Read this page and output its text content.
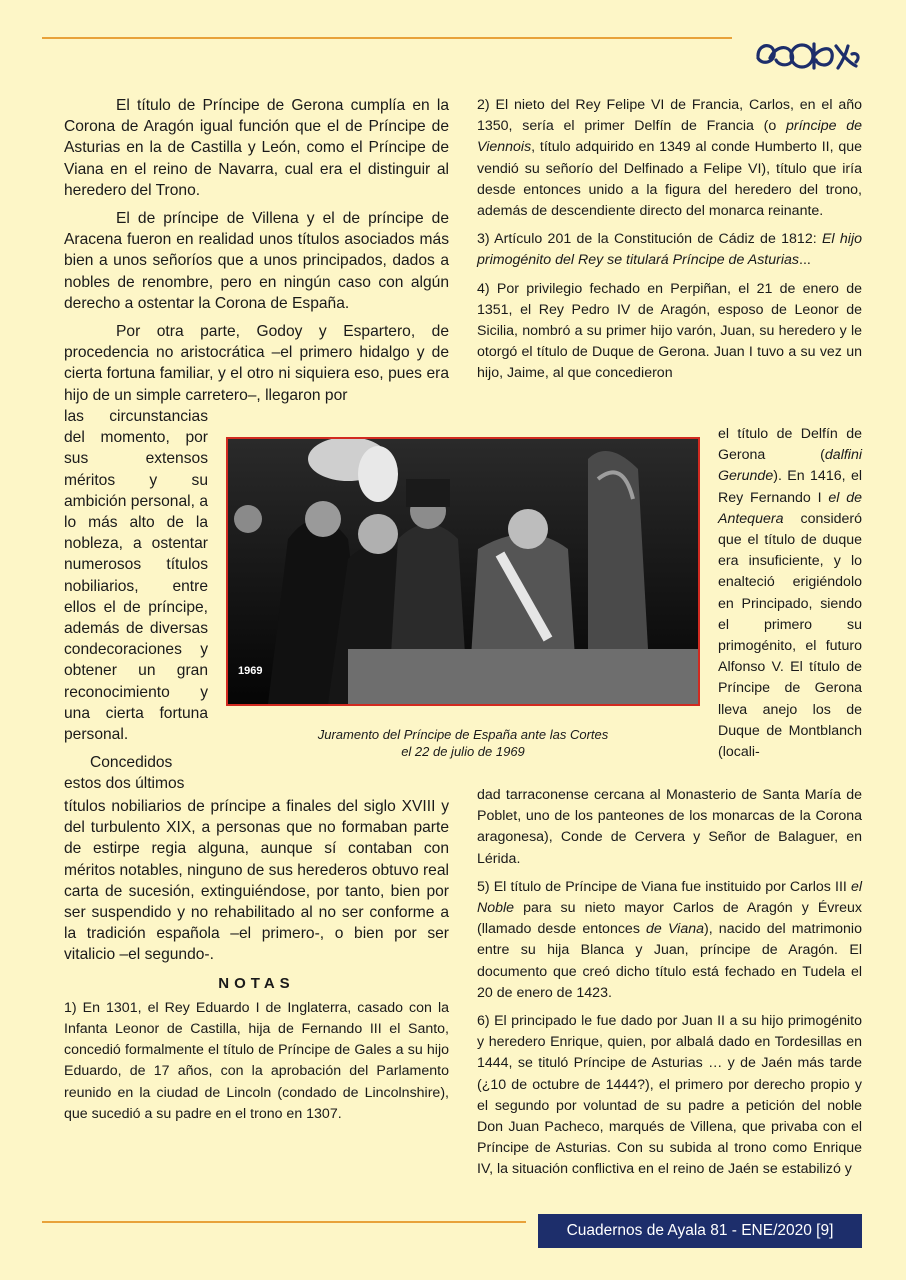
El título de Príncipe de Gerona cumplía en la Corona de Aragón igual función que el de Príncipe de Asturias en la de Castilla y León, como el Príncipe de Viana en el reino de Navarra, cual era el distinguir al heredero del Trono.

El de príncipe de Villena y el de príncipe de Aracena fueron en realidad unos títulos asociados más bien a unos señoríos que a unos principados, dados a nobles de renombre, pero en ningún caso con algún derecho a ostentar la Corona de España.

Por otra parte, Godoy y Espartero, de procedencia no aristocrática –el primero hidalgo y de cierta fortuna familiar, y el otro ni siquiera eso, pues era hijo de un simple carretero–, llegaron por

las circunstancias del momento, por sus extensos méritos y su ambición personal, a lo más alto de la nobleza, a ostentar numerosos títulos nobiliarios, entre ellos el de príncipe, además de diversas condecoraciones y obtener un gran reconocimiento y una cierta fortuna personal.

Concedidos estos dos últimos

títulos nobiliarios de príncipe a finales del siglo XVIII y del turbulento XIX, a personas que no formaban parte de estirpe regia alguna, aunque sí contaban con méritos notables, ninguno de sus herederos obtuvo real carta de sucesión, extinguiéndose, por tanto, bien por ser suspendido y no rehabilitado al no ser conforme a la tradición española –el primero-, o bien por ser vitalicio –el segundo-.

NOTAS

1) En 1301, el Rey Eduardo I de Inglaterra, casado con la Infanta Leonor de Castilla, hija de Fernando III el Santo, concedió formalmente el título de Príncipe de Gales a su hijo Eduardo, de 17 años, con la aprobación del Parlamento reunido en la ciudad de Lincoln (condado de Lincolnshire), que sucedió a su padre en el trono en 1307.

2) El nieto del Rey Felipe VI de Francia, Carlos, en el año 1350, sería el primer Delfín de Francia (o príncipe de Viennois, título adquirido en 1349 al conde Humberto II, que vendió su señorío del Delfinado a Felipe VI), título que iría desde entonces unido a la figura del heredero del trono, además de descendiente directo del monarca reinante.

3) Artículo 201 de la Constitución de Cádiz de 1812: El hijo primogénito del Rey se titulará Príncipe de Asturias...

4) Por privilegio fechado en Perpiñan, el 21 de enero de 1351, el Rey Pedro IV de Aragón, esposo de Leonor de Sicilia, nombró a su primer hijo varón, Juan, su heredero y le otorgó el título de Duque de Gerona. Juan I tuvo a su vez un hijo, Jaime, al que concedieron

el título de Delfín de Gerona (dalfini Gerunde). En 1416, el Rey Fernando I el de Antequera consideró que el título de duque era insuficiente, y lo enalteció erigiéndolo en Principado, siendo el primero su primogénito, el futuro Alfonso V. El título de Príncipe de Gerona lleva anejo los de Duque de Montblanch (locali-

dad tarraconense cercana al Monasterio de Santa María de Poblet, uno de los panteones de los monarcas de la Corona aragonesa), Conde de Cervera y Señor de Balaguer, en Lérida.

5) El título de Príncipe de Viana fue instituido por Carlos III el Noble para su nieto mayor Carlos de Aragón y Évreux (llamado desde entonces de Viana), nacido del matrimonio entre su hija Blanca y Juan, príncipe de Aragón. El documento que creó dicho título está fechado en Tudela el 20 de enero de 1423.

6) El principado le fue dado por Juan II a su hijo primogénito y heredero Enrique, quien, por albalá dado en Tordesillas en 1444, se tituló Príncipe de Asturias … y de Jaén más tarde (¿10 de octubre de 1444?), el primero por derecho propio y el segundo por voluntad de su padre a petición del noble Don Juan Pacheco, marqués de Villena, que privaba con el Príncipe de Asturias. Con su subida al trono como Enrique IV, la situación conflictiva en el reino de Jaén se estabilizó y

1969
Juramento del Príncipe de España ante las Cortes
el 22 de julio de 1969
Cuadernos de Ayala 81 - ENE/2020 [9]
